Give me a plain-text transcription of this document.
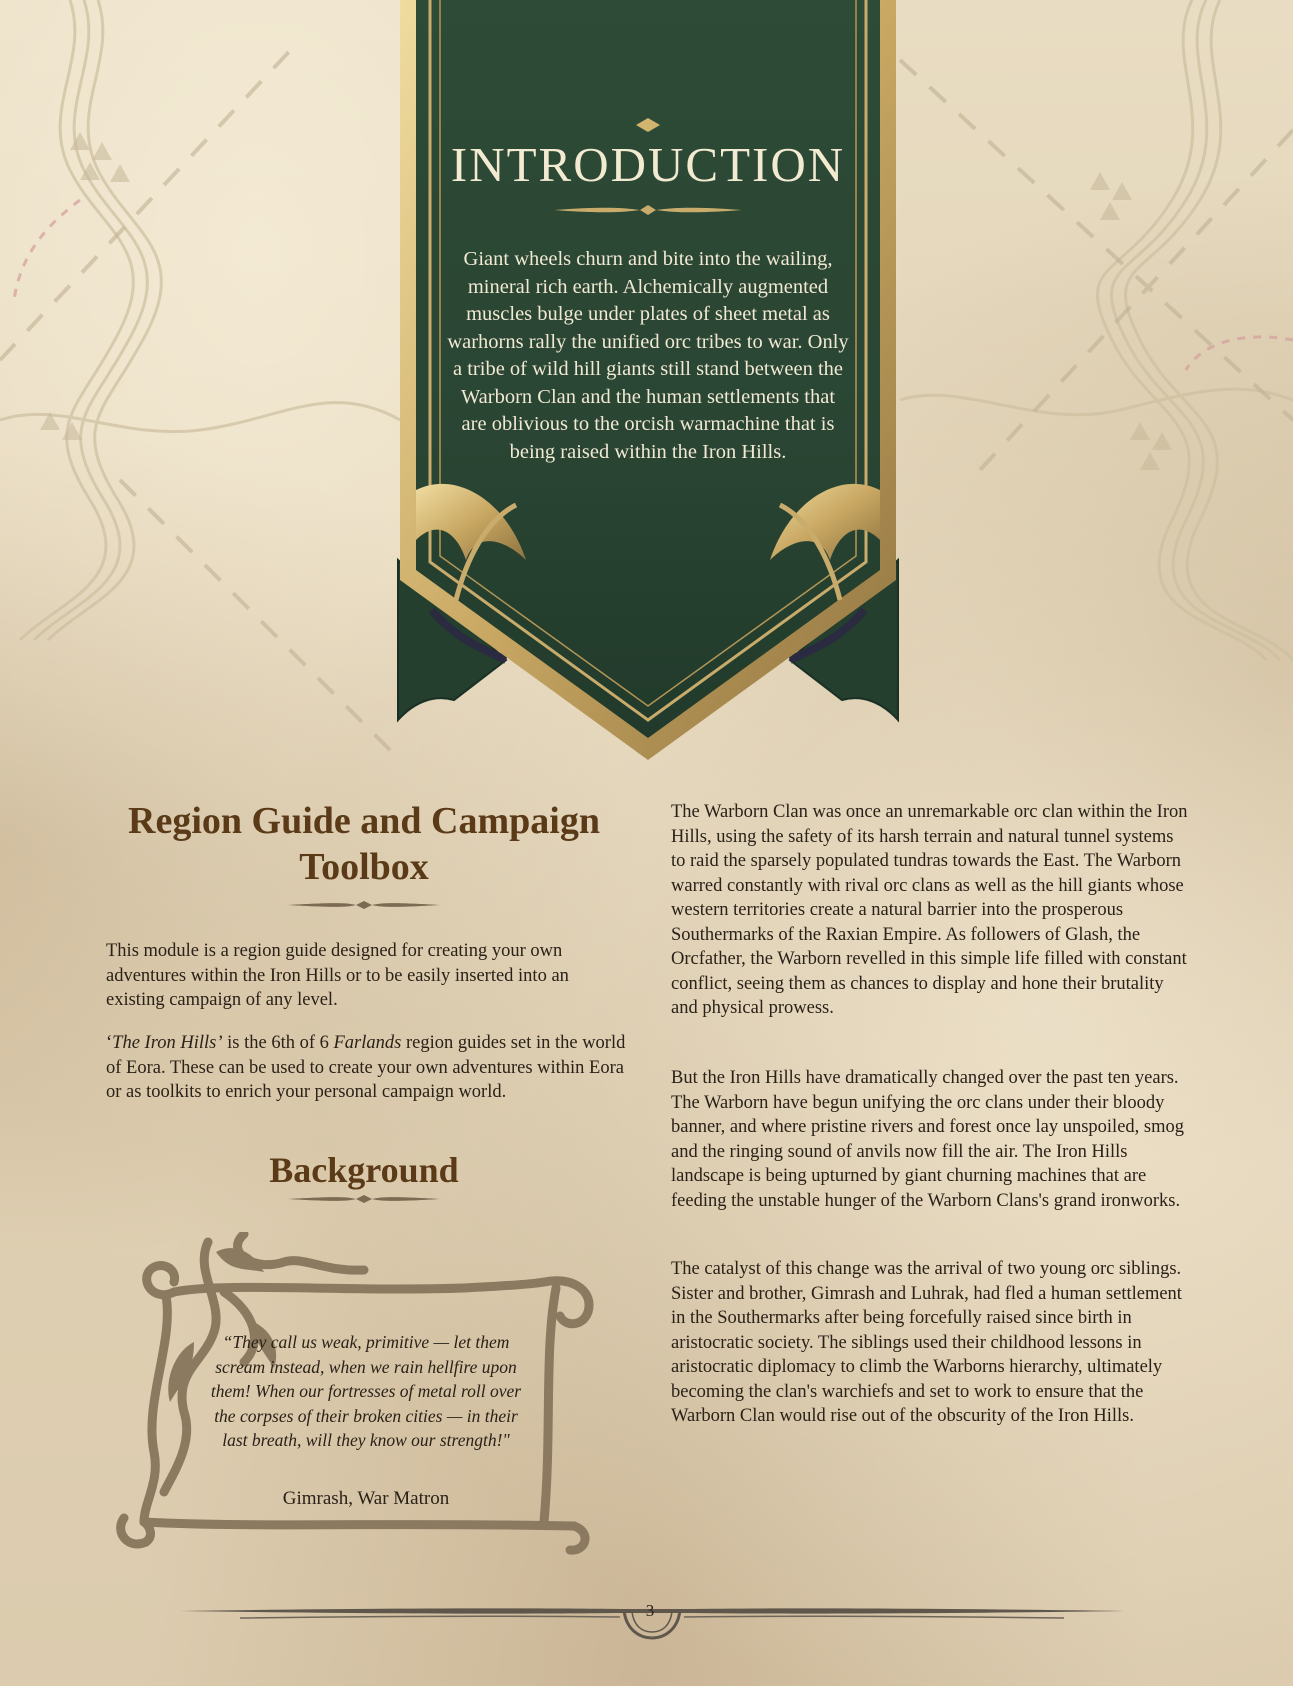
INTRODUCTION

Giant wheels churn and bite into the wailing, mineral rich earth. Alchemically augmented muscles bulge under plates of sheet metal as warhorns rally the unified orc tribes to war. Only a tribe of wild hill giants still stand between the Warborn Clan and the human settlements that are oblivious to the orcish warmachine that is being raised within the Iron Hills.

Region Guide and Campaign Toolbox

This module is a region guide designed for creating your own adventures within the Iron Hills or to be easily inserted into an existing campaign of any level.

‘The Iron Hills’ is the 6th of 6 Farlands region guides set in the world of Eora. These can be used to create your own adventures within Eora or as toolkits to enrich your personal campaign world.

Background

“They call us weak, primitive — let them scream instead, when we rain hellfire upon them! When our fortresses of metal roll over the corpses of their broken cities — in their last breath, will they know our strength!"

Gimrash, War Matron

The Warborn Clan was once an unremarkable orc clan within the Iron Hills, using the safety of its harsh terrain and natural tunnel systems to raid the sparsely populated tundras towards the East. The Warborn warred constantly with rival orc clans as well as the hill giants whose western territories create a natural barrier into the prosperous Southermarks of the Raxian Empire. As followers of Glash, the Orcfather, the Warborn revelled in this simple life filled with constant conflict, seeing them as chances to display and hone their brutality and physical prowess.

But the Iron Hills have dramatically changed over the past ten years. The Warborn have begun unifying the orc clans under their bloody banner, and where pristine rivers and forest once lay unspoiled, smog and the ringing sound of anvils now fill the air. The Iron Hills landscape is being upturned by giant churning machines that are feeding the unstable hunger of the Warborn Clans's grand ironworks.

The catalyst of this change was the arrival of two young orc siblings. Sister and brother, Gimrash and Luhrak, had fled a human settlement in the Southermarks after being forcefully raised since birth in aristocratic society. The siblings used their childhood lessons in aristocratic diplomacy to climb the Warborns hierarchy, ultimately becoming the clan's warchiefs and set to work to ensure that the Warborn Clan would rise out of the obscurity of the Iron Hills.

3
